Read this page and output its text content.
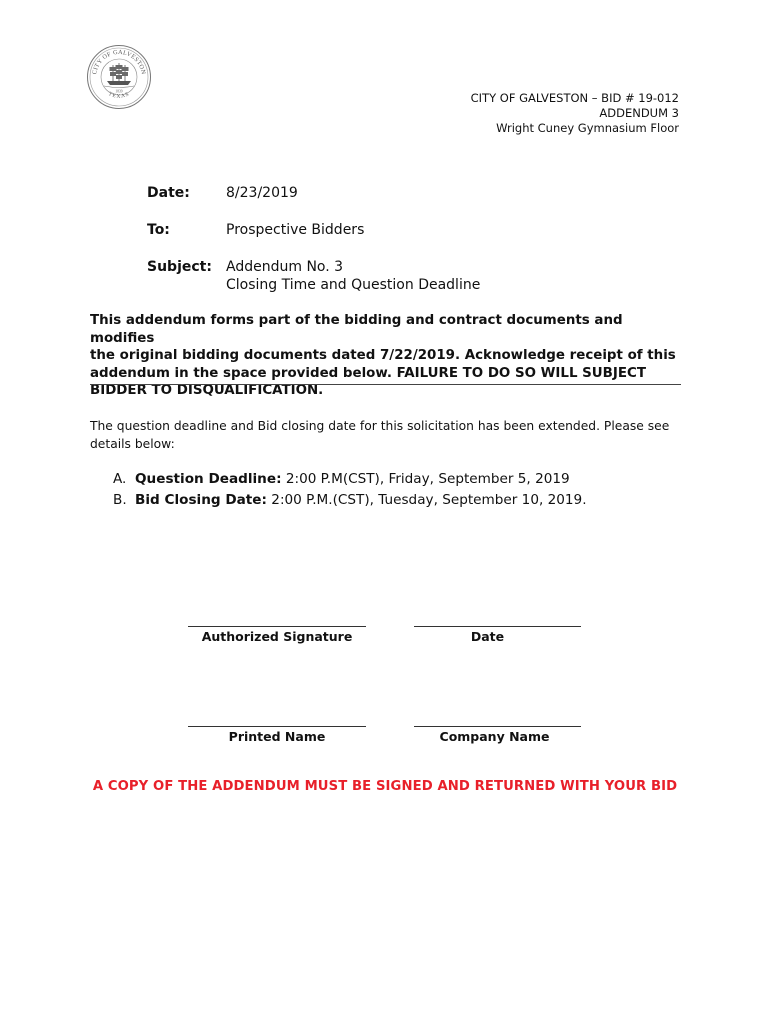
CITY OF GALVESTON
TEXAS
1839	CITY OF GALVESTON – BID # 19-012
ADDENDUM 3
Wright Cuney Gymnasium Floor
Date:	8/23/2019
To:	Prospective Bidders
Subject: Addendum No. 3
Closing Time and Question Deadline
This addendum forms part of the bidding and contract documents and modifies
the original bidding documents dated 7/22/2019. Acknowledge receipt of this
addendum in the space provided below. FAILURE TO DO SO WILL SUBJECT
BIDDER TO DISQUALIFICATION.
The question deadline and Bid closing date for this solicitation has been extended. Please see
details below:
A. Question Deadline: 2:00 P.M(CST), Friday, September 5, 2019
B. Bid Closing Date: 2:00 P.M.(CST), Tuesday, September 10, 2019.
Authorized Signature	Date
Printed Name	Company Name
A COPY OF THE ADDENDUM MUST BE SIGNED AND RETURNED WITH YOUR BID
